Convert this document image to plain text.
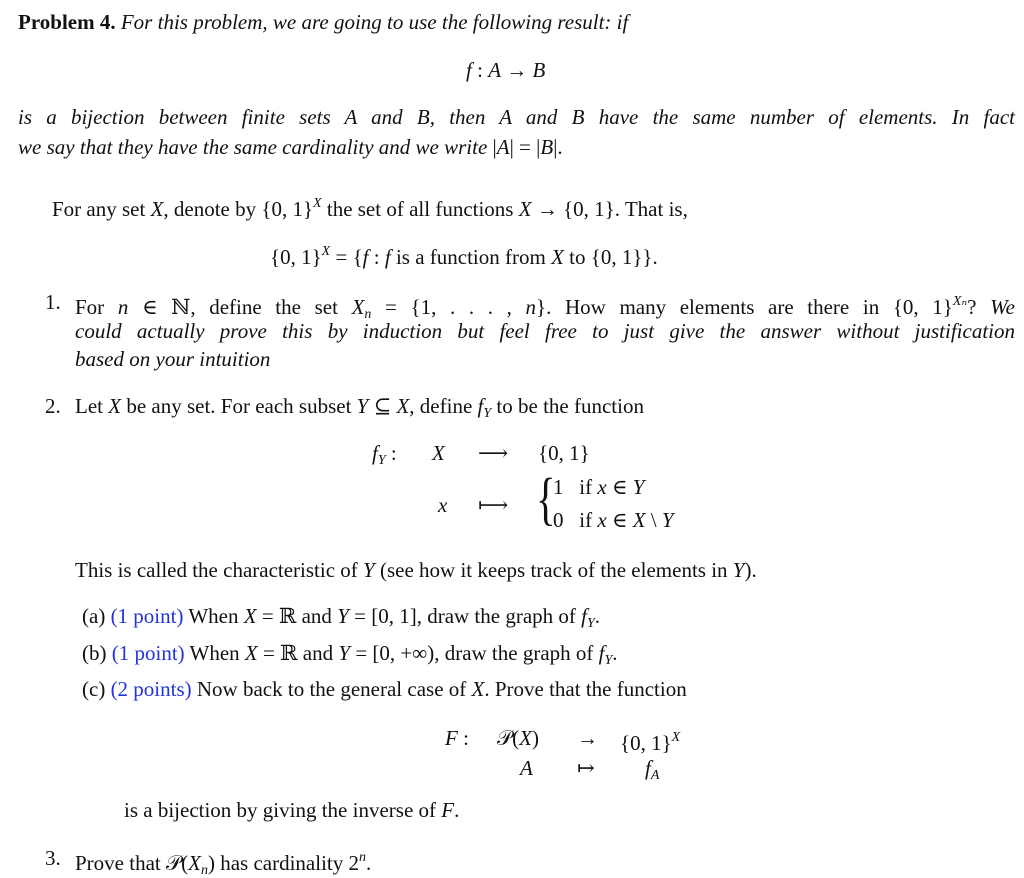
Problem 4. For this problem, we are going to use the following result: if
f : A → B
is a bijection between finite sets A and B, then A and B have the same number of elements. In fact
we say that they have the same cardinality and we write |A| = |B|.
For any set X, denote by {0, 1}$^X$ the set of all functions X → {0, 1}. That is,
{0, 1}$^X$ = {f : f is a function from X to {0, 1}}.
1. For n ∈ ℕ, define the set $X_n = \{1$, . . . , n}. How many elements are there in {0, 1}$^{X_n}$? We
could actually prove this by induction but feel free to just give the answer without justification
based on your intuition
2. Let X be any set. For each subset Y ⊆ X, define $f_Y$ to be the function
$f_Y$ : X ⟶ {0, 1}
x ⟼ {
1   if x ∈ Y
0   if x ∈ X \ Y
This is called the characteristic of Y (see how it keeps track of the elements in Y).
(a) (1 point) When X = ℝ and Y = [0, 1], draw the graph of $f_Y$.
(b) (1 point) When X = ℝ and Y = [0, +∞), draw the graph of $f_Y$.
(c) (2 points) Now back to the general case of X. Prove that the function
F : 𝒫(X) → {0, 1}$^X$
A ↦ $f_A$
is a bijection by giving the inverse of F.
3. Prove that $𝒫(X_n)$ has cardinality 2$^n$.
